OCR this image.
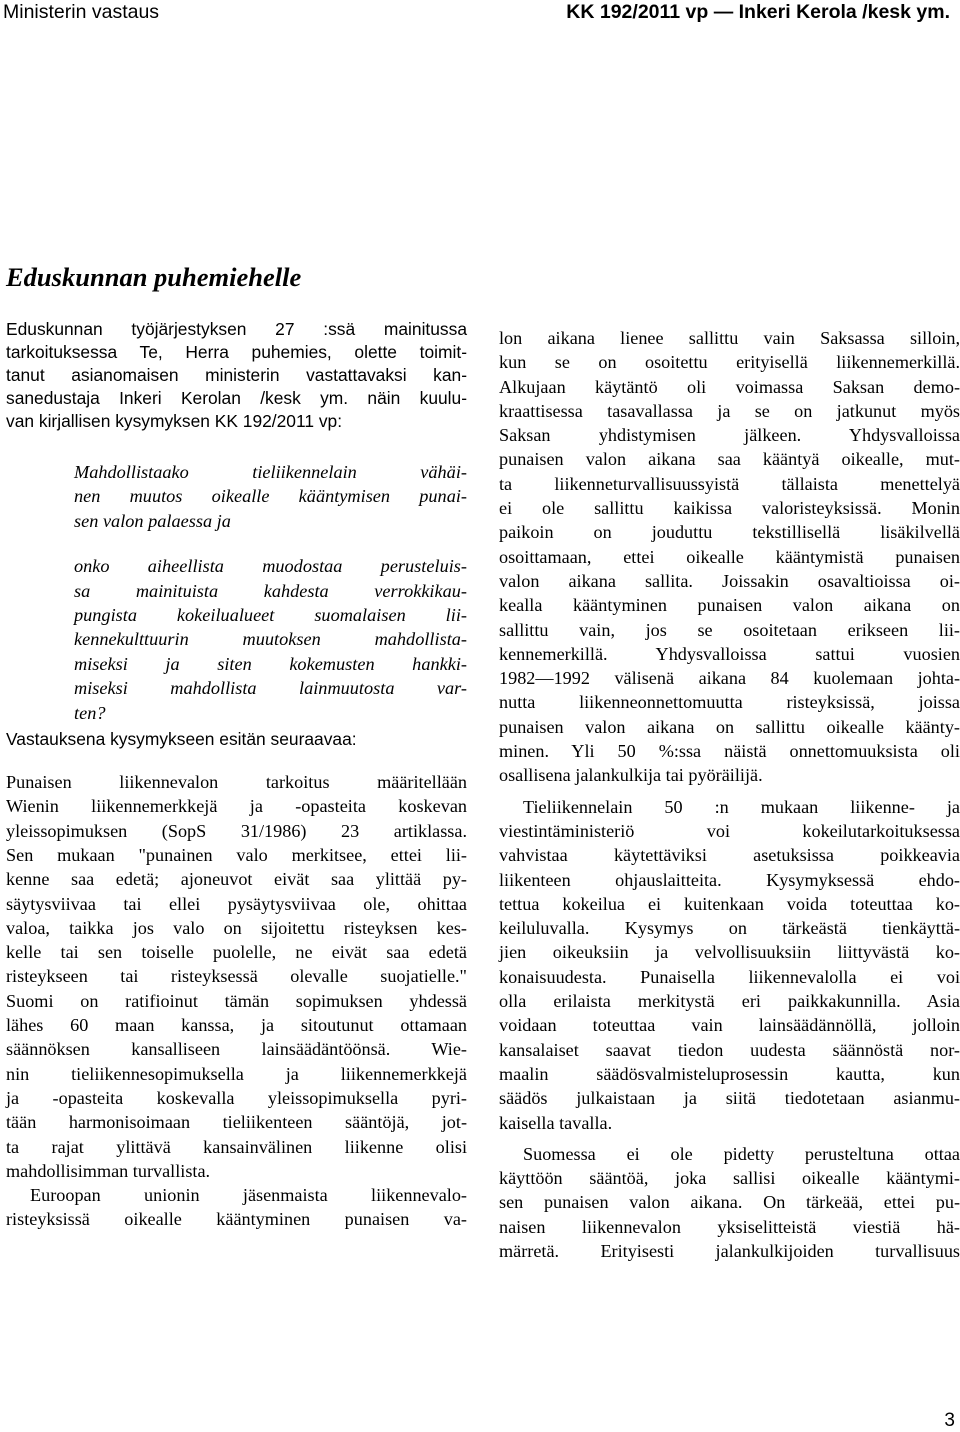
Ministerin vastaus	KK 192/2011 vp — Inkeri Kerola /kesk ym.
Eduskunnan puhemiehelle
Eduskunnan työjärjestyksen 27 :ssä mainitussa
tarkoituksessa Te, Herra puhemies, olette toimit-
tanut asianomaisen ministerin vastattavaksi kan-
sanedustaja Inkeri Kerolan /kesk ym. näin kuulu-
van kirjallisen kysymyksen KK 192/2011 vp:
Mahdollistaako tieliikennelain vähäi-
nen muutos oikealle kääntymisen punai-
sen valon palaessa ja
onko aiheellista muodostaa perusteluis-
sa mainituista kahdesta verrokkikau-
pungista kokeilualueet suomalaisen lii-
kennekulttuurin muutoksen mahdollista-
miseksi ja siten kokemusten hankki-
miseksi mahdollista lainmuutosta var-
ten?
Vastauksena kysymykseen esitän seuraavaa:
Punaisen liikennevalon tarkoitus määritellään
Wienin liikennemerkkejä ja -opasteita koskevan
yleissopimuksen (SopS 31/1986) 23 artiklassa.
Sen mukaan "punainen valo merkitsee, ettei lii-
kenne saa edetä; ajoneuvot eivät saa ylittää py-
säytysviivaa tai ellei pysäytysviivaa ole, ohittaa
valoa, taikka jos valo on sijoitettu risteyksen kes-
kelle tai sen toiselle puolelle, ne eivät saa edetä
risteykseen tai risteyksessä olevalle suojatielle."
Suomi on ratifioinut tämän sopimuksen yhdessä
lähes 60 maan kanssa, ja sitoutunut ottamaan
säännöksen kansalliseen lainsäädäntöönsä. Wie-
nin tieliikennesopimuksella ja liikennemerkkejä
ja -opasteita koskevalla yleissopimuksella pyri-
tään harmonisoimaan tieliikenteen sääntöjä, jot-
ta rajat ylittävä kansainvälinen liikenne olisi
mahdollisimman turvallista.
Euroopan unionin jäsenmaista liikennevalo-
risteyksissä oikealle kääntyminen punaisen va-
lon aikana lienee sallittu vain Saksassa silloin,
kun se on osoitettu erityisellä liikennemerkillä.
Alkujaan käytäntö oli voimassa Saksan demo-
kraattisessa tasavallassa ja se on jatkunut myös
Saksan yhdistymisen jälkeen. Yhdysvalloissa
punaisen valon aikana saa kääntyä oikealle, mut-
ta liikenneturvallisuussyistä tällaista menettelyä
ei ole sallittu kaikissa valoristeyksissä. Monin
paikoin on jouduttu tekstillisellä lisäkilvellä
osoittamaan, ettei oikealle kääntymistä punaisen
valon aikana sallita. Joissakin osavaltioissa oi-
kealla kääntyminen punaisen valon aikana on
sallittu vain, jos se osoitetaan erikseen lii-
kennemerkillä. Yhdysvalloissa sattui vuosien
1982—1992 välisenä aikana 84 kuolemaan johta-
nutta liikenneonnettomuutta risteyksissä, joissa
punaisen valon aikana on sallittu oikealle käänty-
minen. Yli 50 %:ssa näistä onnettomuuksista oli
osallisena jalankulkija tai pyöräilijä.
Tieliikennelain 50 :n mukaan liikenne- ja
viestintäministeriö voi kokeilutarkoituksessa
vahvistaa käytettäviksi asetuksissa poikkeavia
liikenteen ohjauslaitteita. Kysymyksessä ehdo-
tettua kokeilua ei kuitenkaan voida toteuttaa ko-
keiluluvalla. Kysymys on tärkeästä tienkäyttä-
jien oikeuksiin ja velvollisuuksiin liittyvästä ko-
konaisuudesta. Punaisella liikennevalolla ei voi
olla erilaista merkitystä eri paikkakunnilla. Asia
voidaan toteuttaa vain lainsäädännöllä, jolloin
kansalaiset saavat tiedon uudesta säännöstä nor-
maalin säädösvalmisteluprosessin kautta, kun
säädös julkaistaan ja siitä tiedotetaan asianmu-
kaisella tavalla.
Suomessa ei ole pidetty perusteltuna ottaa
käyttöön sääntöä, joka sallisi oikealle kääntymi-
sen punaisen valon aikana. On tärkeää, ettei pu-
naisen liikennevalon yksiselitteistä viestiä hä-
märretä. Erityisesti jalankulkijoiden turvallisuus
3
